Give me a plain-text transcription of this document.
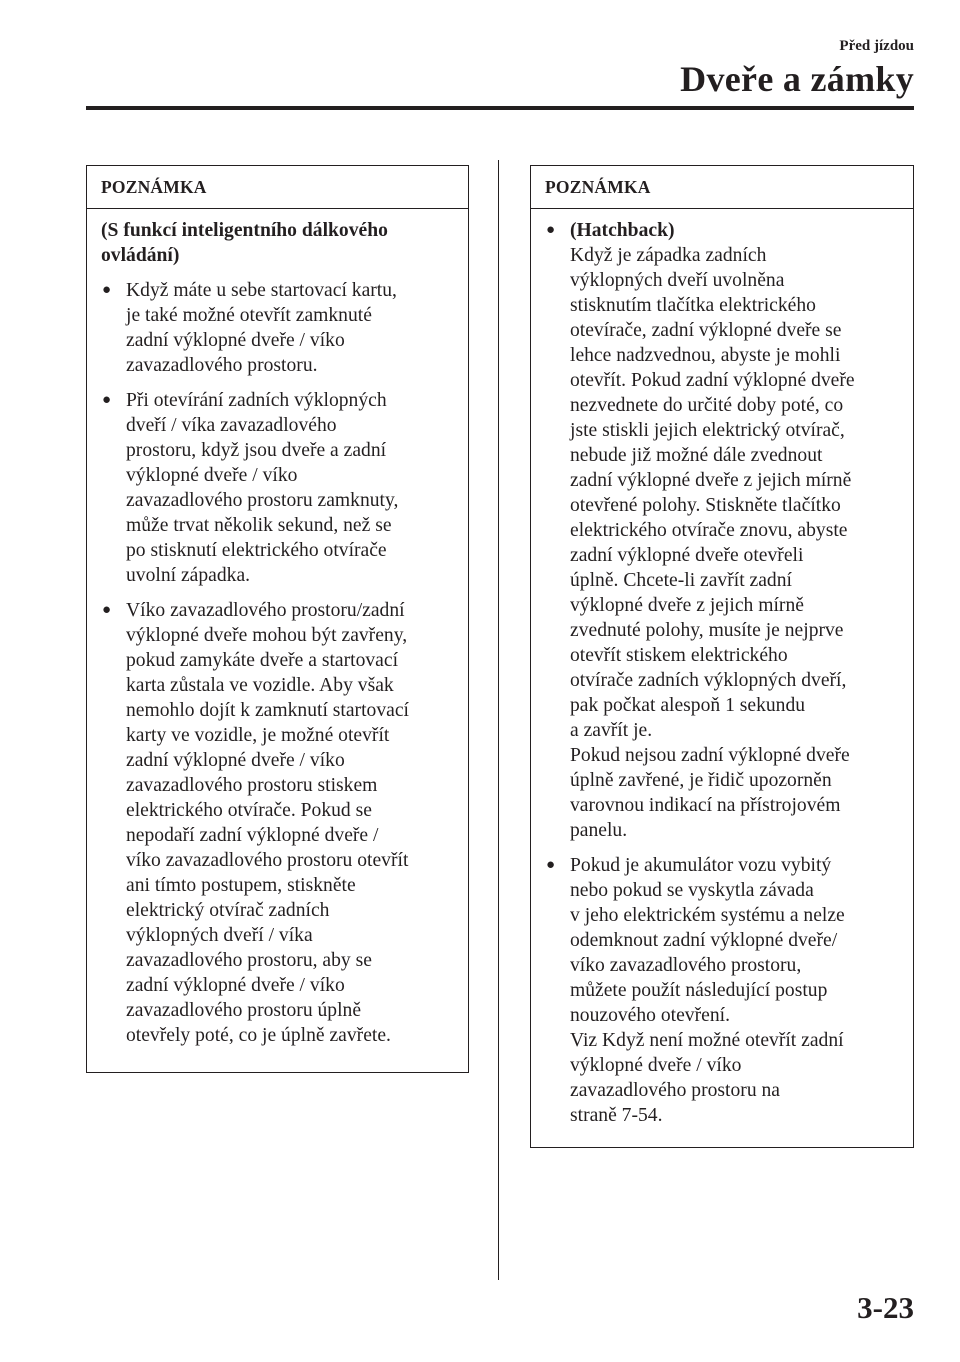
Před jízdou
Dveře a zámky
POZNÁMKA
(S funkcí inteligentního dálkového
ovládání)
● Když máte u sebe startovací kartu,
je také možné otevřít zamknuté
zadní výklopné dveře / víko
zavazadlového prostoru.
● Při otevírání zadních výklopných
dveří / víka zavazadlového
prostoru, když jsou dveře a zadní
výklopné dveře / víko
zavazadlového prostoru zamknuty,
může trvat několik sekund, než se
po stisknutí elektrického otvírače
uvolní západka.
● Víko zavazadlového prostoru/zadní
výklopné dveře mohou být zavřeny,
pokud zamykáte dveře a startovací
karta zůstala ve vozidle. Aby však
nemohlo dojít k zamknutí startovací
karty ve vozidle, je možné otevřít
zadní výklopné dveře / víko
zavazadlového prostoru stiskem
elektrického otvírače. Pokud se
nepodaří zadní výklopné dveře /
víko zavazadlového prostoru otevřít
ani tímto postupem, stiskněte
elektrický otvírač zadních
výklopných dveří / víka
zavazadlového prostoru, aby se
zadní výklopné dveře / víko
zavazadlového prostoru úplně
otevřely poté, co je úplně zavřete.
POZNÁMKA
● (Hatchback)
Když je západka zadních
výklopných dveří uvolněna
stisknutím tlačítka elektrického
otevírače, zadní výklopné dveře se
lehce nadzvednou, abyste je mohli
otevřít. Pokud zadní výklopné dveře
nezvednete do určité doby poté, co
jste stiskli jejich elektrický otvírač,
nebude již možné dále zvednout
zadní výklopné dveře z jejich mírně
otevřené polohy. Stiskněte tlačítko
elektrického otvírače znovu, abyste
zadní výklopné dveře otevřeli
úplně. Chcete-li zavřít zadní
výklopné dveře z jejich mírně
zvednuté polohy, musíte je nejprve
otevřít stiskem elektrického
otvírače zadních výklopných dveří,
pak počkat alespoň 1 sekundu
a zavřít je.
Pokud nejsou zadní výklopné dveře
úplně zavřené, je řidič upozorněn
varovnou indikací na přístrojovém
panelu.
● Pokud je akumulátor vozu vybitý
nebo pokud se vyskytla závada
v jeho elektrickém systému a nelze
odemknout zadní výklopné dveře/
víko zavazadlového prostoru,
můžete použít následující postup
nouzového otevření.
Viz Když není možné otevřít zadní
výklopné dveře / víko
zavazadlového prostoru na
straně 7-54.
3-23
